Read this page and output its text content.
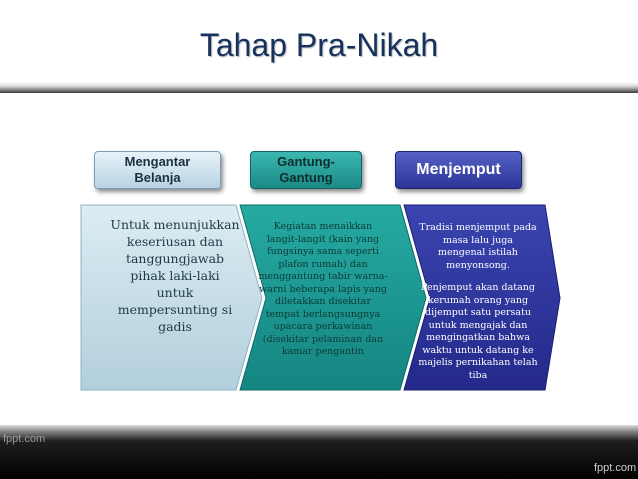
Tahap Pra-Nikah
Mengantar
Belanja
Gantung-
Gantung	Menjemput
Untuk menunjukkan keseriusan dan tanggungjawab pihak laki-laki untuk mempersunting si gadis
Kegiatan menaikkan langit-langit (kain yang fungsinya sama seperti plafon rumah) dan menggantung tabir warna-warni beberapa lapis yang diletakkan disekitar tempat berlangsungnya upacara perkawinan (disekitar pelaminan dan kamar pengantin

Tradisi menjemput pada masa lalu juga mengenal istilah menyonsong.

Penjemput akan datang kerumah orang yang dijemput satu persatu untuk mengajak dan mengingatkan bahwa waktu untuk datang ke majelis pernikahan telah tiba

fppt.com
fppt.com
